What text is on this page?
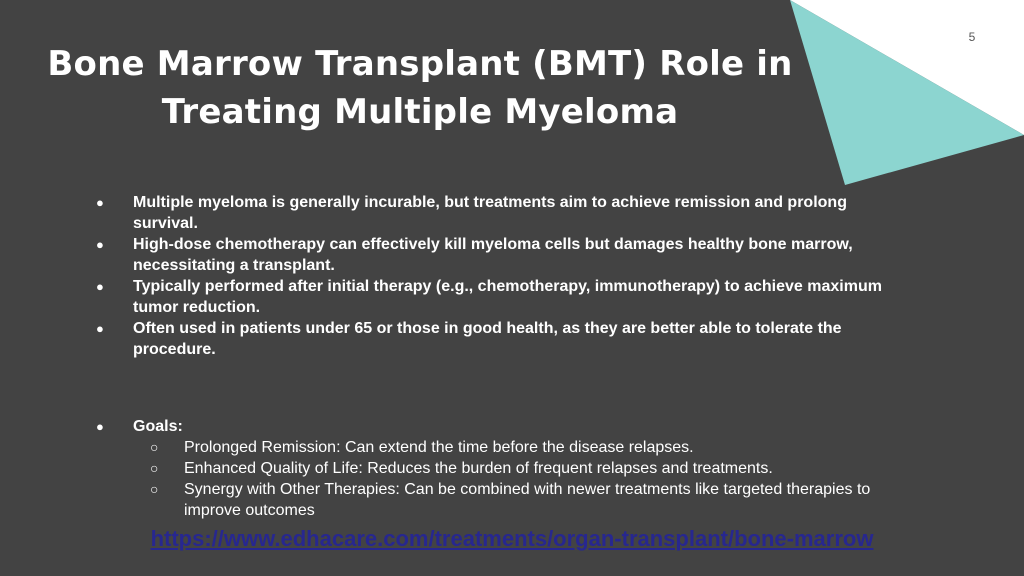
5
Bone Marrow Transplant (BMT) Role in Treating Multiple Myeloma
● Multiple myeloma is generally incurable, but treatments aim to achieve remission and prolong survival.
● High-dose chemotherapy can effectively kill myeloma cells but damages healthy bone marrow, necessitating a transplant.
● Typically performed after initial therapy (e.g., chemotherapy, immunotherapy) to achieve maximum tumor reduction.
● Often used in patients under 65 or those in good health, as they are better able to tolerate the procedure.
● Goals:
○ Prolonged Remission: Can extend the time before the disease relapses.
○ Enhanced Quality of Life: Reduces the burden of frequent relapses and treatments.
○ Synergy with Other Therapies: Can be combined with newer treatments like targeted therapies to improve outcomes
https://www.edhacare.com/treatments/organ-transplant/bone-marrow
